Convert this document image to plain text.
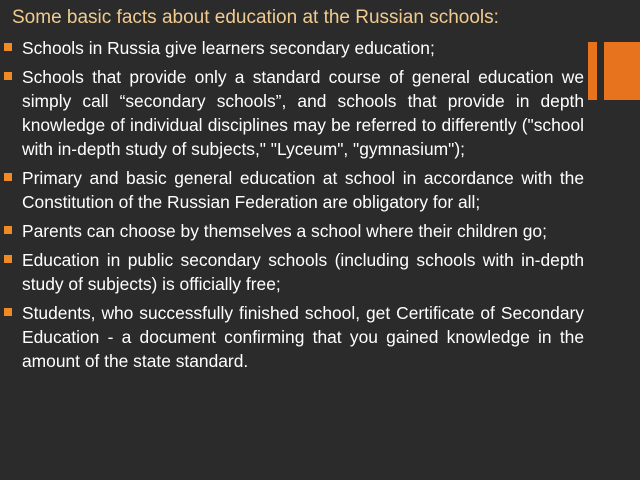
Some basic facts about education at the Russian schools:
Schools in Russia give learners secondary education;
Schools that provide only a standard course of general education we simply call “secondary schools”, and schools that provide in depth knowledge of individual disciplines may be referred to differently ("school with in-depth study of subjects," "Lyceum", "gymnasium");
Primary and basic general education at school in accordance with the Constitution of the Russian Federation are obligatory for all;
Parents can choose by themselves a school where their children go;
Education in public secondary schools (including schools with in-depth study of subjects) is officially free;
Students, who successfully finished school, get Certificate of Secondary Education - a document confirming that you gained knowledge in the amount of the state standard.
